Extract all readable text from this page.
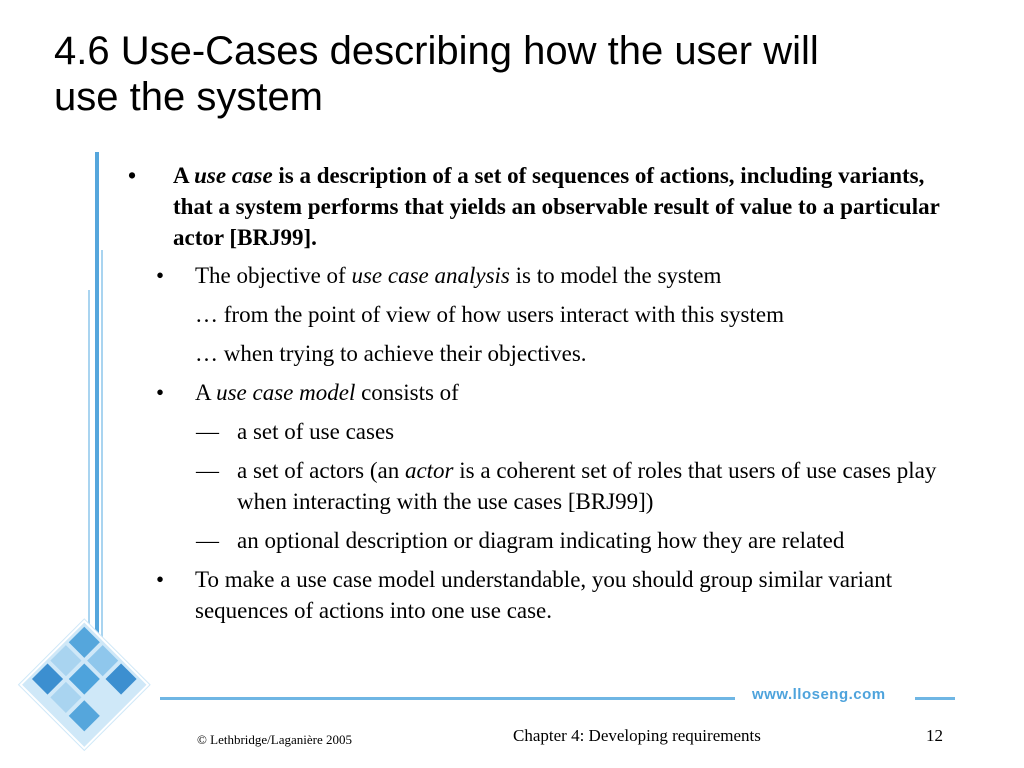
4.6 Use-Cases describing how the user will
use the system
www.lloseng.com
• A use case is a description of a set of sequences of actions, including variants, that a system performs that yields an observable result of value to a particular actor [BRJ99].
• The objective of use case analysis is to model the system
… from the point of view of how users interact with this system
… when trying to achieve their objectives.
• A use case model consists of
— a set of use cases
— a set of actors (an actor is a coherent set of roles that users of use cases play when interacting with the use cases [BRJ99])
— an optional description or diagram indicating how they are related
• To make a use case model understandable, you should group similar variant sequences of actions into one use case.
© Lethbridge/Laganière 2005	Chapter 4: Developing requirements	12
